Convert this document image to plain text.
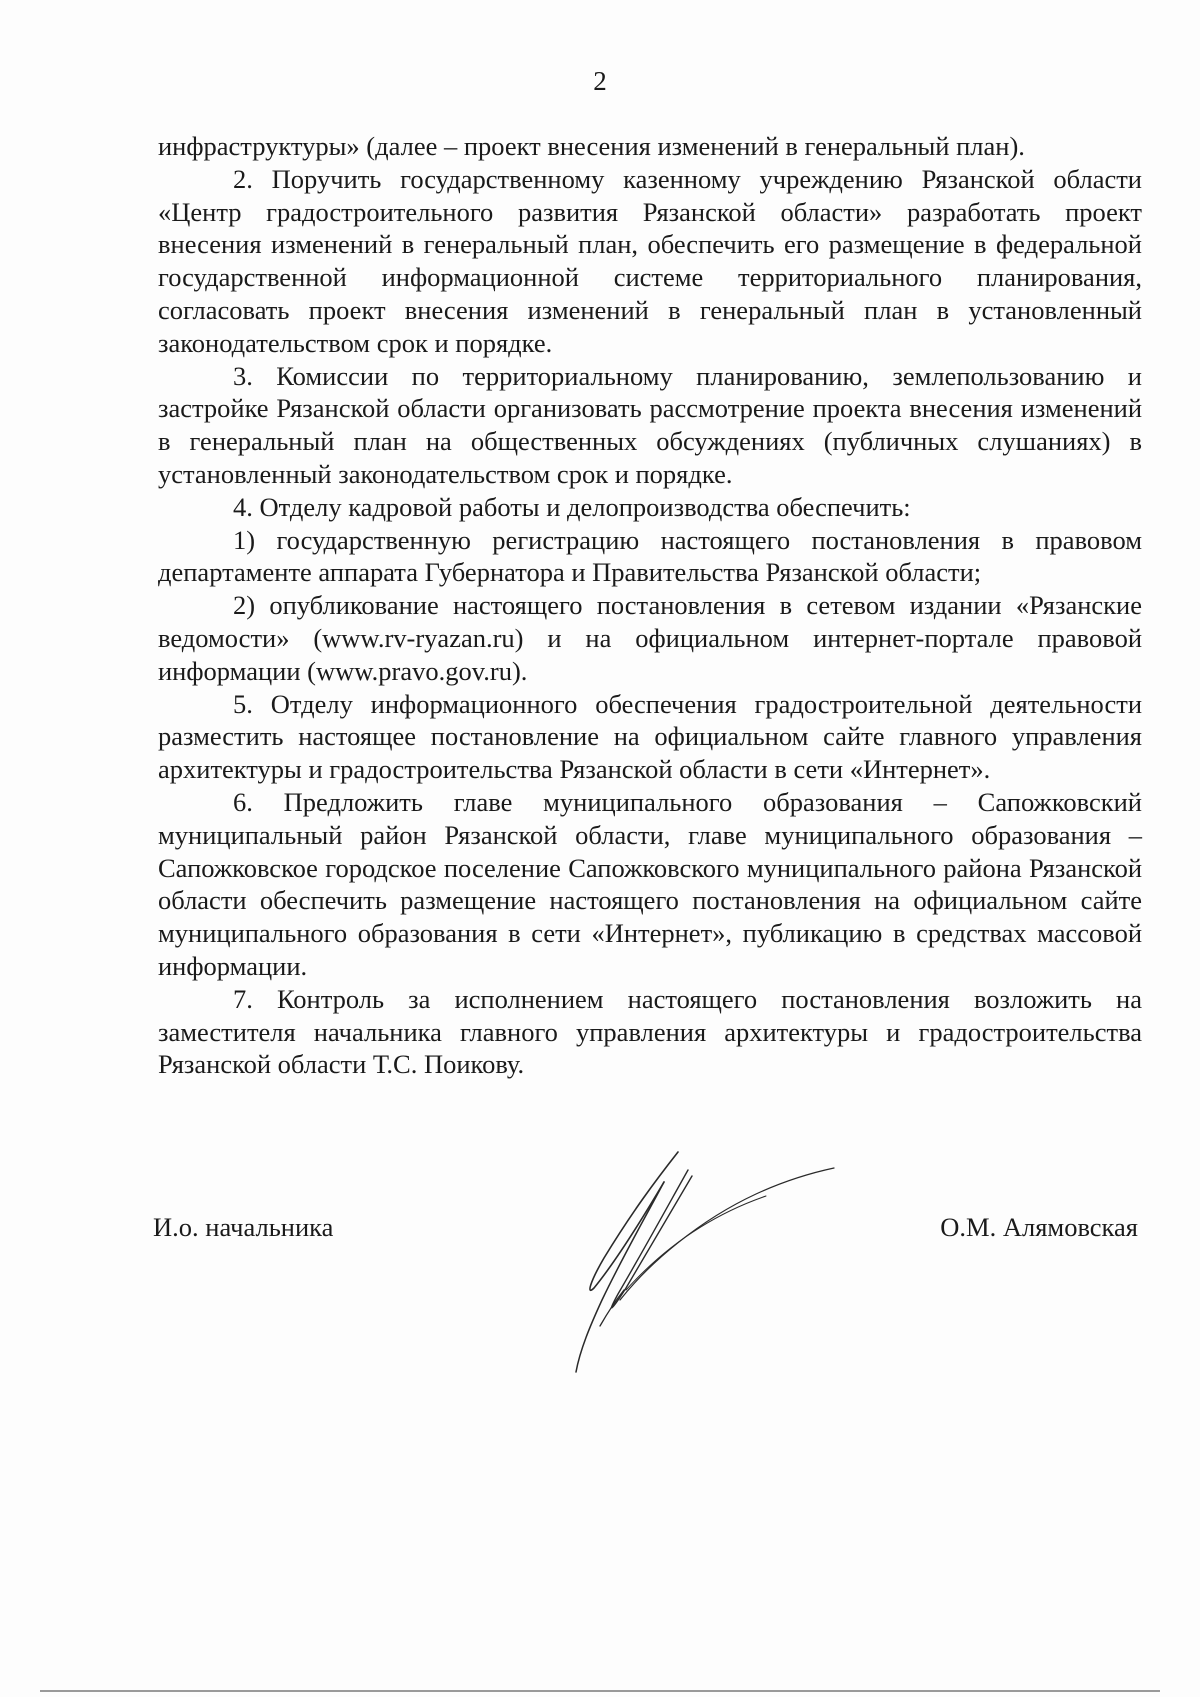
2

инфраструктуры» (далее – проект внесения изменений в генеральный план).

2. Поручить государственному казенному учреждению Рязанской области «Центр градостроительного развития Рязанской области» разработать проект внесения изменений в генеральный план, обеспечить его размещение в федеральной государственной информационной системе территориального планирования, согласовать проект внесения изменений в генеральный план в установленный законодательством срок и порядке.

3. Комиссии по территориальному планированию, землепользованию и застройке Рязанской области организовать рассмотрение проекта внесения изменений в генеральный план на общественных обсуждениях (публичных слушаниях) в установленный законодательством срок и порядке.

4. Отделу кадровой работы и делопроизводства обеспечить:

1) государственную регистрацию настоящего постановления в правовом департаменте аппарата Губернатора и Правительства Рязанской области;

2) опубликование настоящего постановления в сетевом издании «Рязанские ведомости» (www.rv-ryazan.ru) и на официальном интернет-портале правовой информации (www.pravo.gov.ru).

5. Отделу информационного обеспечения градостроительной деятельности разместить настоящее постановление на официальном сайте главного управления архитектуры и градостроительства Рязанской области в сети «Интернет».

6. Предложить главе муниципального образования – Сапожковский муниципальный район Рязанской области, главе муниципального образования – Сапожковское городское поселение Сапожковского муниципального района Рязанской области обеспечить размещение настоящего постановления на официальном сайте муниципального образования в сети «Интернет», публикацию в средствах массовой информации.

7. Контроль за исполнением настоящего постановления возложить на заместителя начальника главного управления архитектуры и градостроительства Рязанской области Т.С. Поикову.

И.о. начальника	О.М. Алямовская
